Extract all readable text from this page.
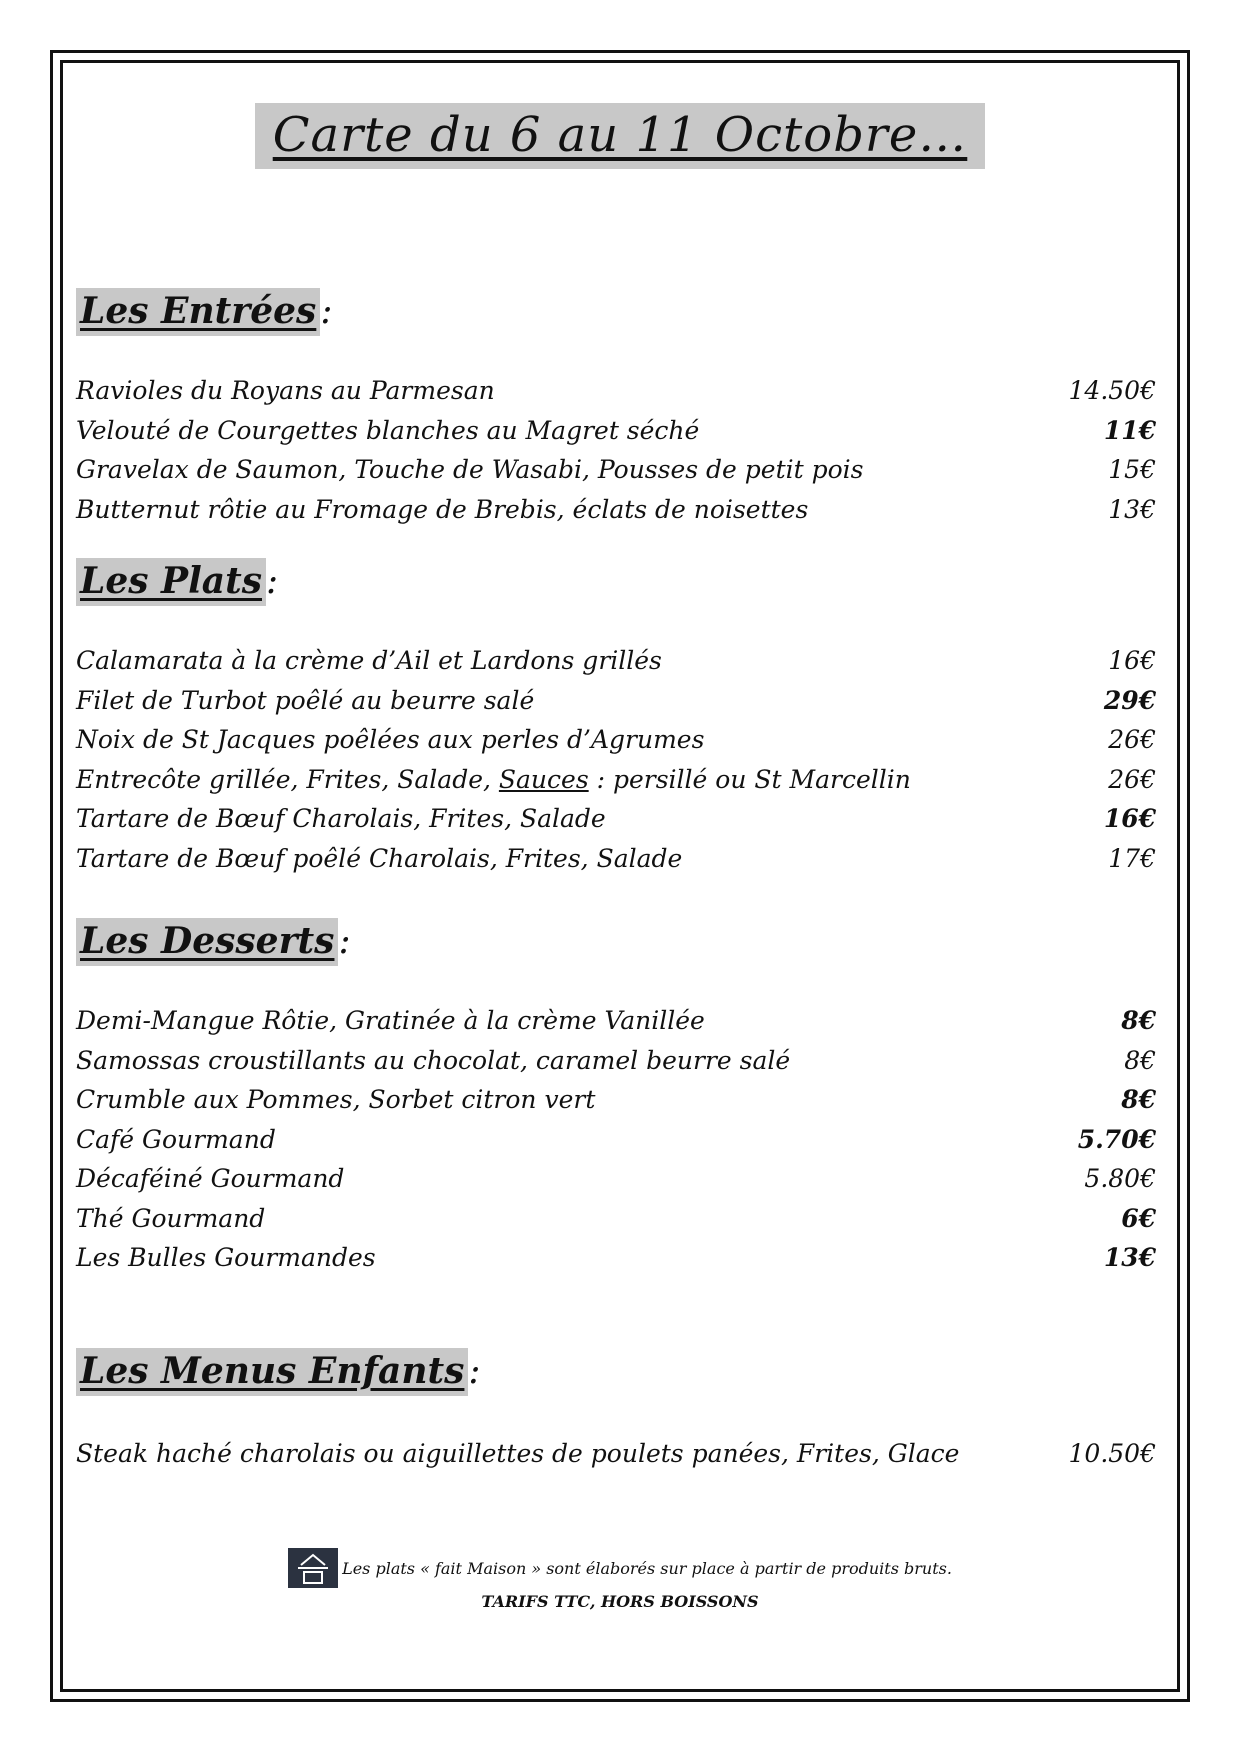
Carte du 6 au 11 Octobre…
Les Entrées :
Ravioles du Royans au Parmesan	14.50€
Velouté de Courgettes blanches au Magret séché	11€
Gravelax de Saumon, Touche de Wasabi, Pousses de petit pois	15€
Butternut rôtie au Fromage de Brebis, éclats de noisettes	13€
Les Plats :
Calamarata à la crème d’Ail et Lardons grillés	16€
Filet de Turbot poêlé au beurre salé	29€
Noix de St Jacques poêlées aux perles d’Agrumes	26€
Entrecôte grillée, Frites, Salade, Sauces : persillé ou St Marcellin	26€
Tartare de Bœuf Charolais, Frites, Salade	16€
Tartare de Bœuf poêlé Charolais, Frites, Salade	17€
Les Desserts :
Demi-Mangue Rôtie, Gratinée à la crème Vanillée	8€
Samossas croustillants au chocolat, caramel beurre salé	8€
Crumble aux Pommes, Sorbet citron vert	8€
Café Gourmand	5.70€
Décaféiné Gourmand	5.80€
Thé Gourmand	6€
Les Bulles Gourmandes	13€
Les Menus Enfants :
Steak haché charolais ou aiguillettes de poulets panées, Frites, Glace	10.50€
Les plats « fait Maison » sont élaborés sur place à partir de produits bruts.
TARIFS TTC, HORS BOISSONS
